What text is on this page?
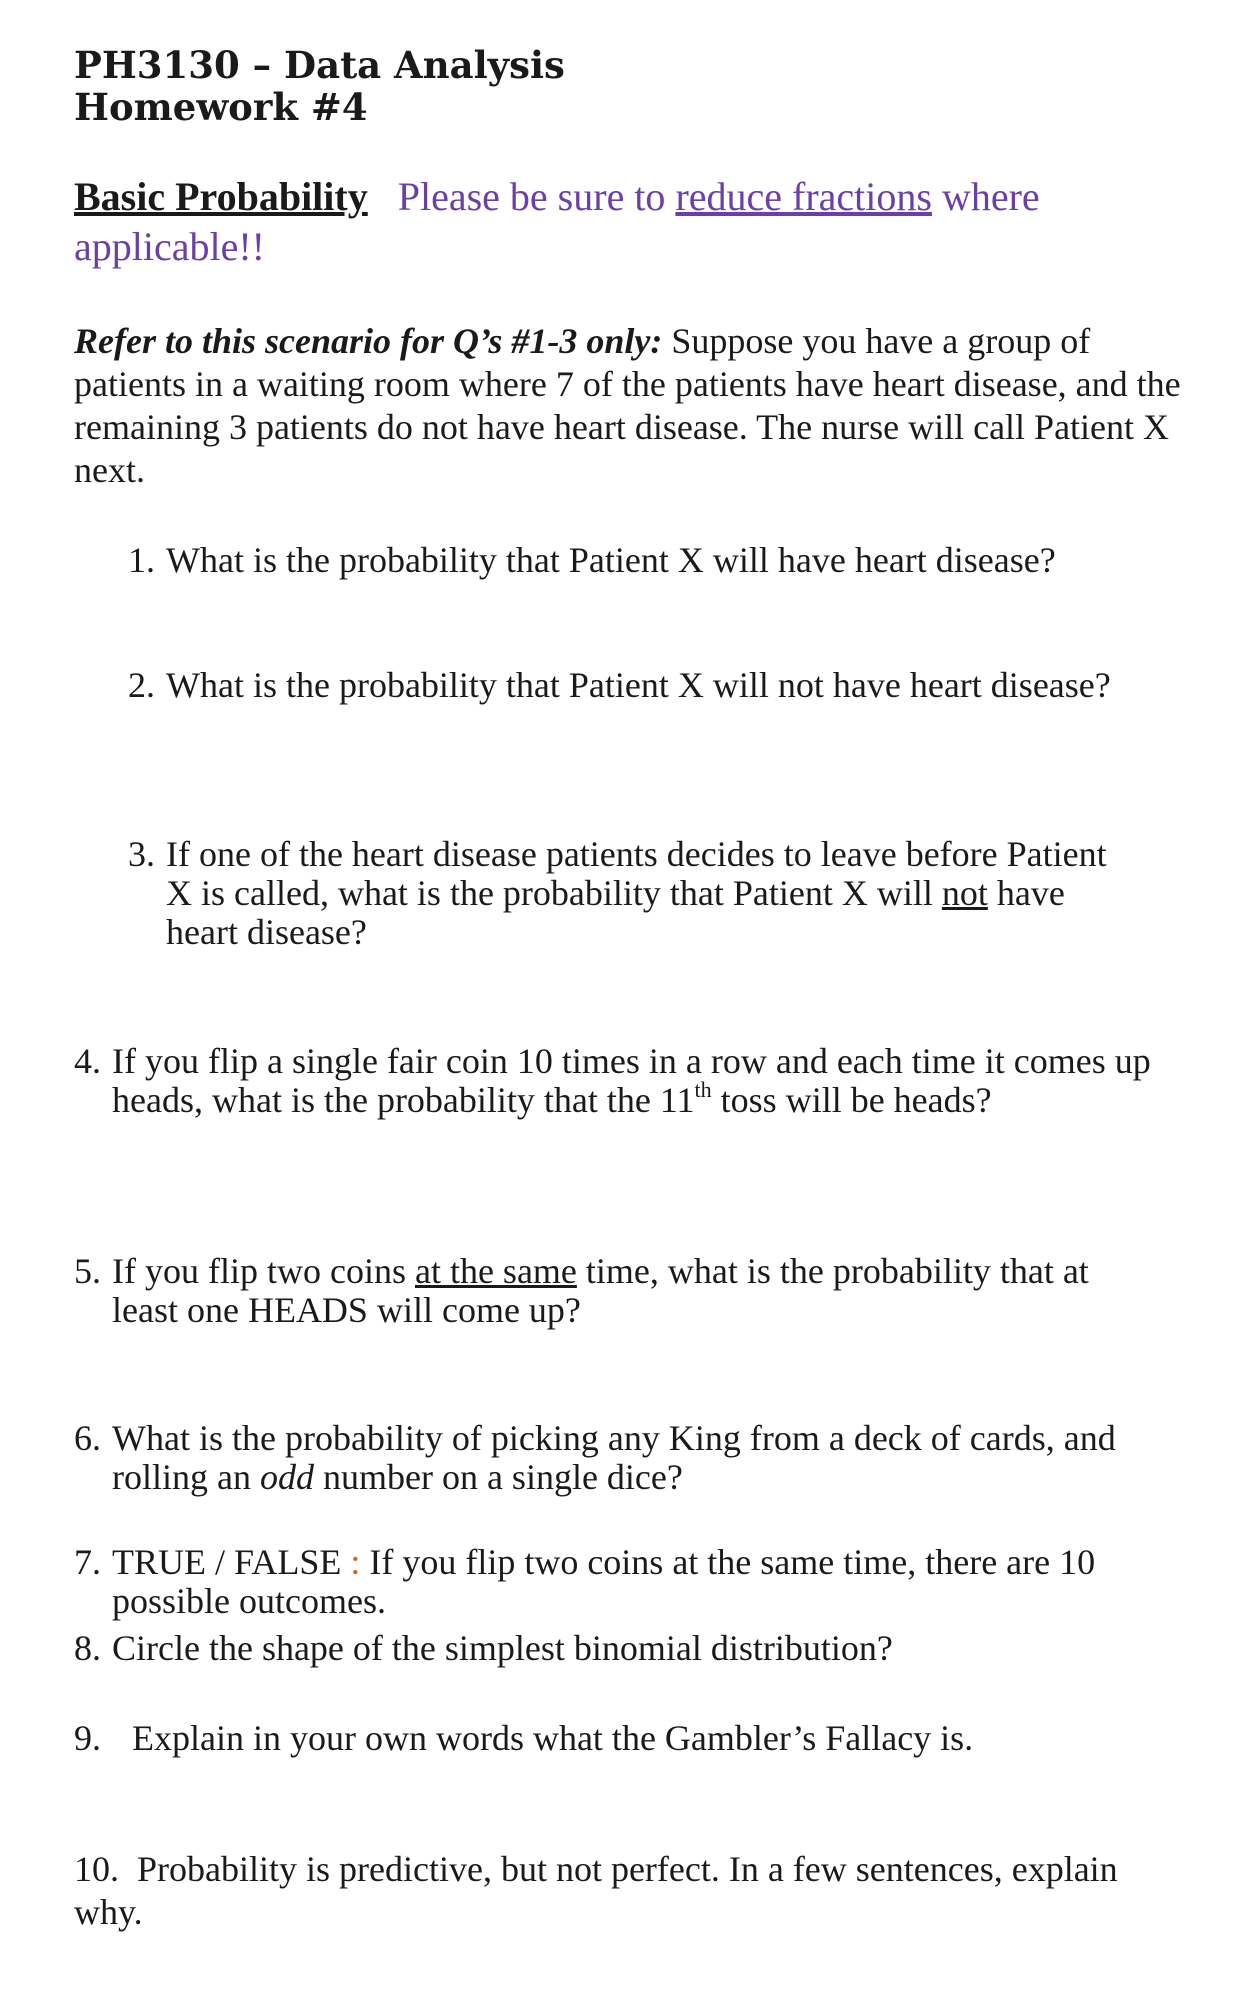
PH3130 – Data Analysis
Homework #4
Basic Probability Please be sure to reduce fractions where applicable!!
Refer to this scenario for Q’s #1-3 only: Suppose you have a group of patients in a waiting room where 7 of the patients have heart disease, and the remaining 3 patients do not have heart disease. The nurse will call Patient X next.
1. What is the probability that Patient X will have heart disease?
2. What is the probability that Patient X will not have heart disease?
3. If one of the heart disease patients decides to leave before Patient X is called, what is the probability that Patient X will not have heart disease?
4. If you flip a single fair coin 10 times in a row and each time it comes up heads, what is the probability that the 11th toss will be heads?
5. If you flip two coins at the same time, what is the probability that at least one HEADS will come up?
6. What is the probability of picking any King from a deck of cards, and rolling an odd number on a single dice?
7. TRUE / FALSE : If you flip two coins at the same time, there are 10 possible outcomes.
8. Circle the shape of the simplest binomial distribution?
9. Explain in your own words what the Gambler’s Fallacy is.
10. Probability is predictive, but not perfect. In a few sentences, explain why.
